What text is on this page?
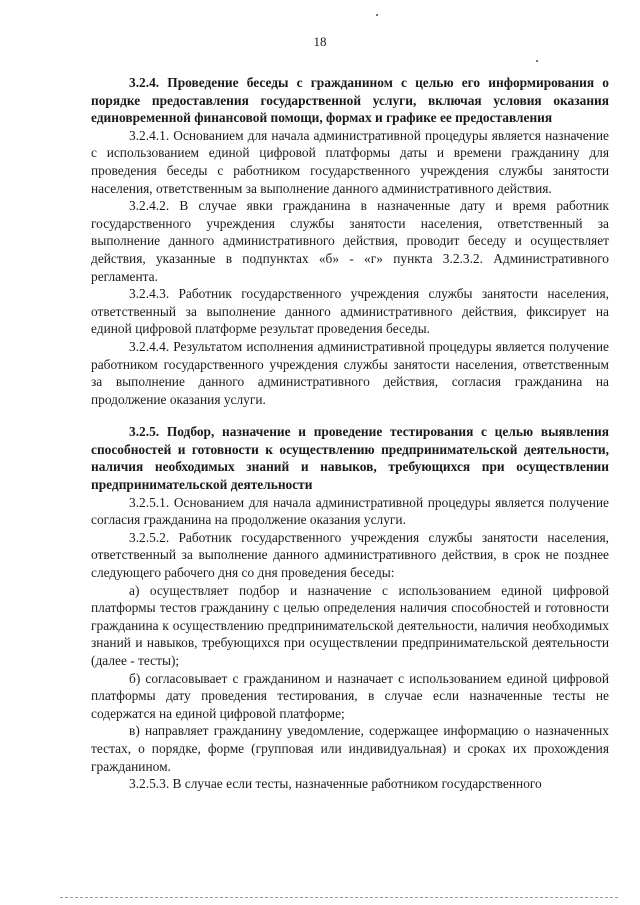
18

3.2.4. Проведение беседы с гражданином с целью его информирования о порядке предоставления государственной услуги, включая условия оказания единовременной финансовой помощи, формах и графике ее предоставления

3.2.4.1. Основанием для начала административной процедуры является назначение с использованием единой цифровой платформы даты и времени гражданину для проведения беседы с работником государственного учреждения службы занятости населения, ответственным за выполнение данного административного действия.

3.2.4.2. В случае явки гражданина в назначенные дату и время работник государственного учреждения службы занятости населения, ответственный за выполнение данного административного действия, проводит беседу и осуществляет действия, указанные в подпунктах «б» - «г» пункта 3.2.3.2. Административного регламента.

3.2.4.3. Работник государственного учреждения службы занятости населения, ответственный за выполнение данного административного действия, фиксирует на единой цифровой платформе результат проведения беседы.

3.2.4.4. Результатом исполнения административной процедуры является получение работником государственного учреждения службы занятости населения, ответственным за выполнение данного административного действия, согласия гражданина на продолжение оказания услуги.

3.2.5. Подбор, назначение и проведение тестирования с целью выявления способностей и готовности к осуществлению предпринимательской деятельности, наличия необходимых знаний и навыков, требующихся при осуществлении предпринимательской деятельности

3.2.5.1. Основанием для начала административной процедуры является получение согласия гражданина на продолжение оказания услуги.

3.2.5.2. Работник государственного учреждения службы занятости населения, ответственный за выполнение данного административного действия, в срок не позднее следующего рабочего дня со дня проведения беседы:

а) осуществляет подбор и назначение с использованием единой цифровой платформы тестов гражданину с целью определения наличия способностей и готовности гражданина к осуществлению предпринимательской деятельности, наличия необходимых знаний и навыков, требующихся при осуществлении предпринимательской деятельности (далее - тесты);

б) согласовывает с гражданином и назначает с использованием единой цифровой платформы дату проведения тестирования, в случае если назначенные тесты не содержатся на единой цифровой платформе;

в) направляет гражданину уведомление, содержащее информацию о назначенных тестах, о порядке, форме (групповая или индивидуальная) и сроках их прохождения гражданином.

3.2.5.3. В случае если тесты, назначенные работником государственного
